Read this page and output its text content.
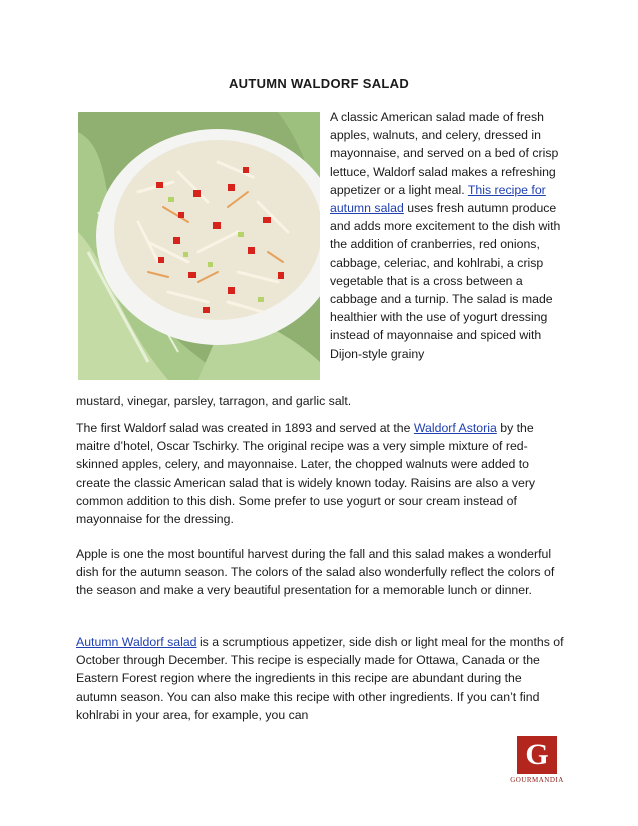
AUTUMN WALDORF SALAD

A classic American salad made of fresh apples, walnuts, and celery, dressed in mayonnaise, and served on a bed of crisp lettuce, Waldorf salad makes a refreshing appetizer or a light meal. This recipe for autumn salad uses fresh autumn produce and adds more excitement to the dish with the addition of cranberries, red onions, cabbage, celeriac, and kohlrabi, a crisp vegetable that is a cross between a cabbage and a turnip. The salad is made healthier with the use of yogurt dressing instead of mayonnaise and spiced with Dijon-style grainy

mustard, vinegar, parsley, tarragon, and garlic salt.

The first Waldorf salad was created in 1893 and served at the Waldorf Astoria by the maitre d’hotel, Oscar Tschirky. The original recipe was a very simple mixture of red-skinned apples, celery, and mayonnaise. Later, the chopped walnuts were added to create the classic American salad that is widely known today. Raisins are also a very common addition to this dish. Some prefer to use yogurt or sour cream instead of mayonnaise for the dressing.

Apple is one the most bountiful harvest during the fall and this salad makes a wonderful dish for the autumn season. The colors of the salad also wonderfully reflect the colors of the season and make a very beautiful presentation for a memorable lunch or dinner.

Autumn Waldorf salad is a scrumptious appetizer, side dish or light meal for the months of October through December. This recipe is especially made for Ottawa, Canada or the Eastern Forest region where the ingredients in this recipe are abundant during the autumn season. You can also make this recipe with other ingredients. If you can’t find kohlrabi in your area, for example, you can

G
GOURMANDIA
